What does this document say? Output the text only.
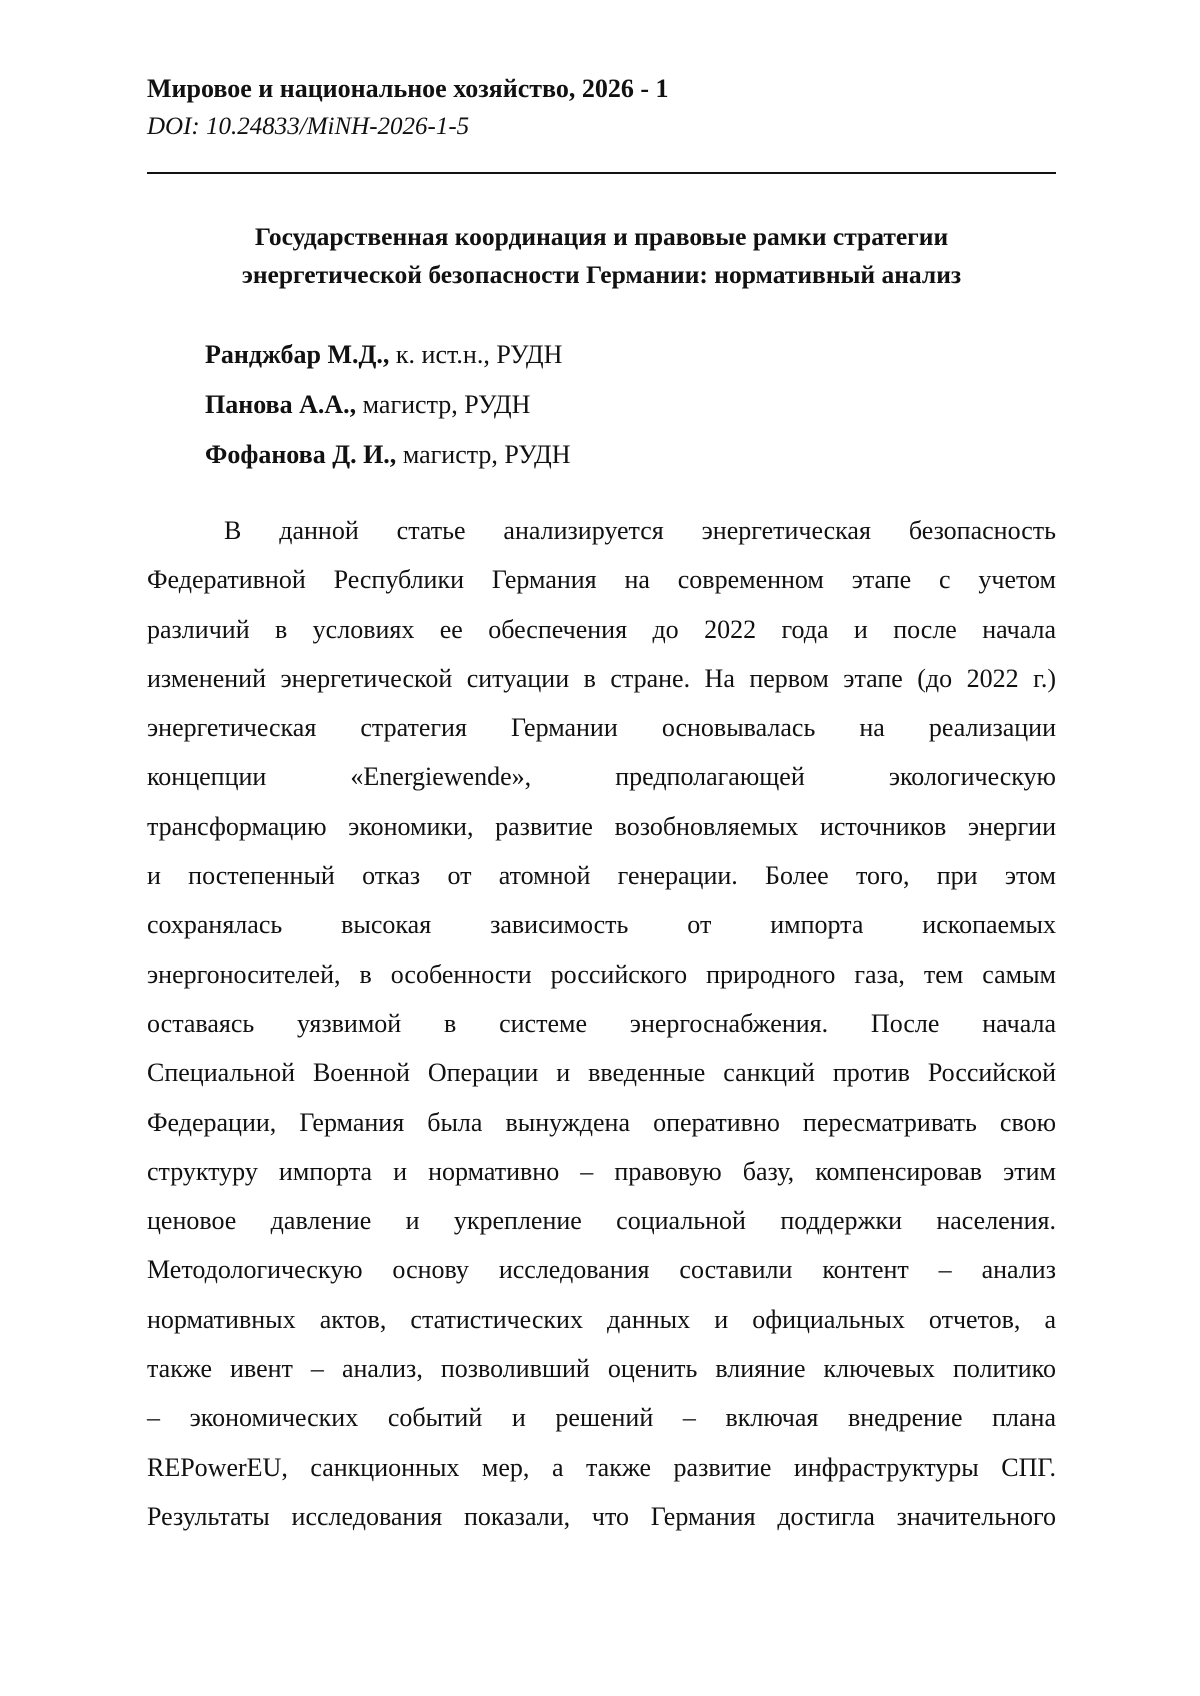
Мировое и национальное хозяйство, 2026 - 1
DOI: 10.24833/MiNH-2026-1-5
Государственная координация и правовые рамки стратегии
энергетической безопасности Германии: нормативный анализ
Ранджбар М.Д., к. ист.н., РУДН
Панова А.А., магистр, РУДН
Фофанова Д. И., магистр, РУДН
В данной статье анализируется энергетическая безопасность
Федеративной Республики Германия на современном этапе с учетом
различий в условиях ее обеспечения до 2022 года и после начала
изменений энергетической ситуации в стране. На первом этапе (до 2022 г.)
энергетическая стратегия Германии основывалась на реализации
концепции «Energiewende», предполагающей экологическую
трансформацию экономики, развитие возобновляемых источников энергии
и постепенный отказ от атомной генерации. Более того, при этом
сохранялась высокая зависимость от импорта ископаемых
энергоносителей, в особенности российского природного газа, тем самым
оставаясь уязвимой в системе энергоснабжения. После начала
Специальной Военной Операции и введенные санкций против Российской
Федерации, Германия была вынуждена оперативно пересматривать свою
структуру импорта и нормативно – правовую базу, компенсировав этим
ценовое давление и укрепление социальной поддержки населения.
Методологическую основу исследования составили контент – анализ
нормативных актов, статистических данных и официальных отчетов, а
также ивент – анализ, позволивший оценить влияние ключевых политико
– экономических событий и решений – включая внедрение плана
REPowerEU, санкционных мер, а также развитие инфраструктуры СПГ.
Результаты исследования показали, что Германия достигла значительного
